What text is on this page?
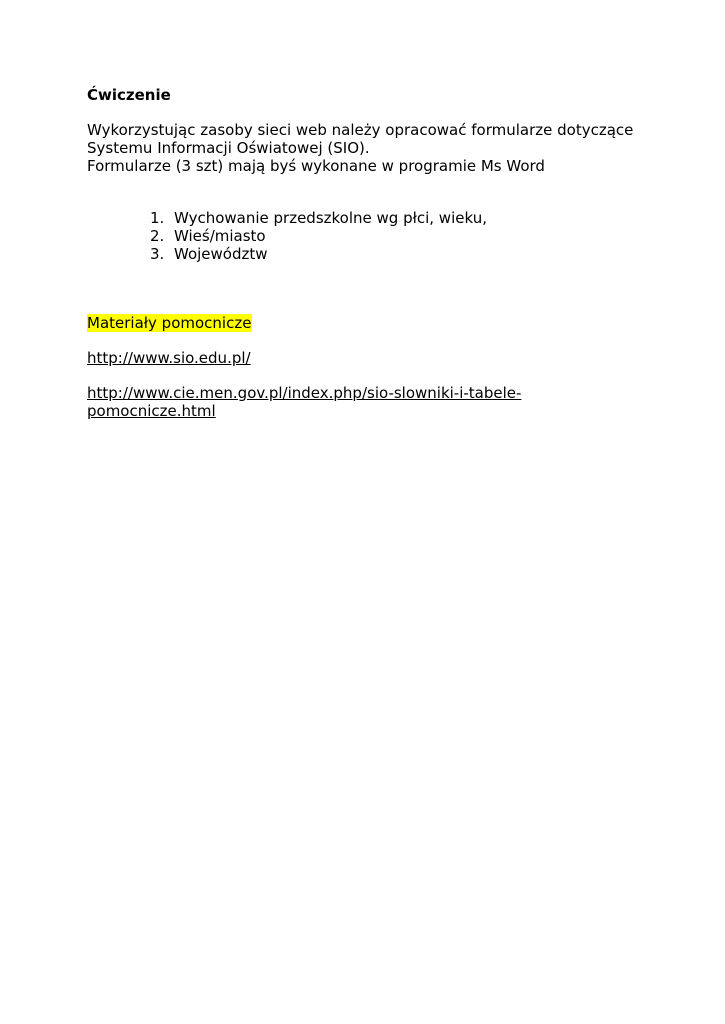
Ćwiczenie
Wykorzystując zasoby sieci web należy opracować formularze dotyczące
Systemu Informacji Oświatowej (SIO).
Formularze (3 szt) mają byś wykonane w programie Ms Word
1. Wychowanie przedszkolne wg płci, wieku,
2. Wieś/miasto
3. Województw
Materiały pomocnicze
http://www.sio.edu.pl/
http://www.cie.men.gov.pl/index.php/sio-slowniki-i-tabele-
pomocnicze.html
